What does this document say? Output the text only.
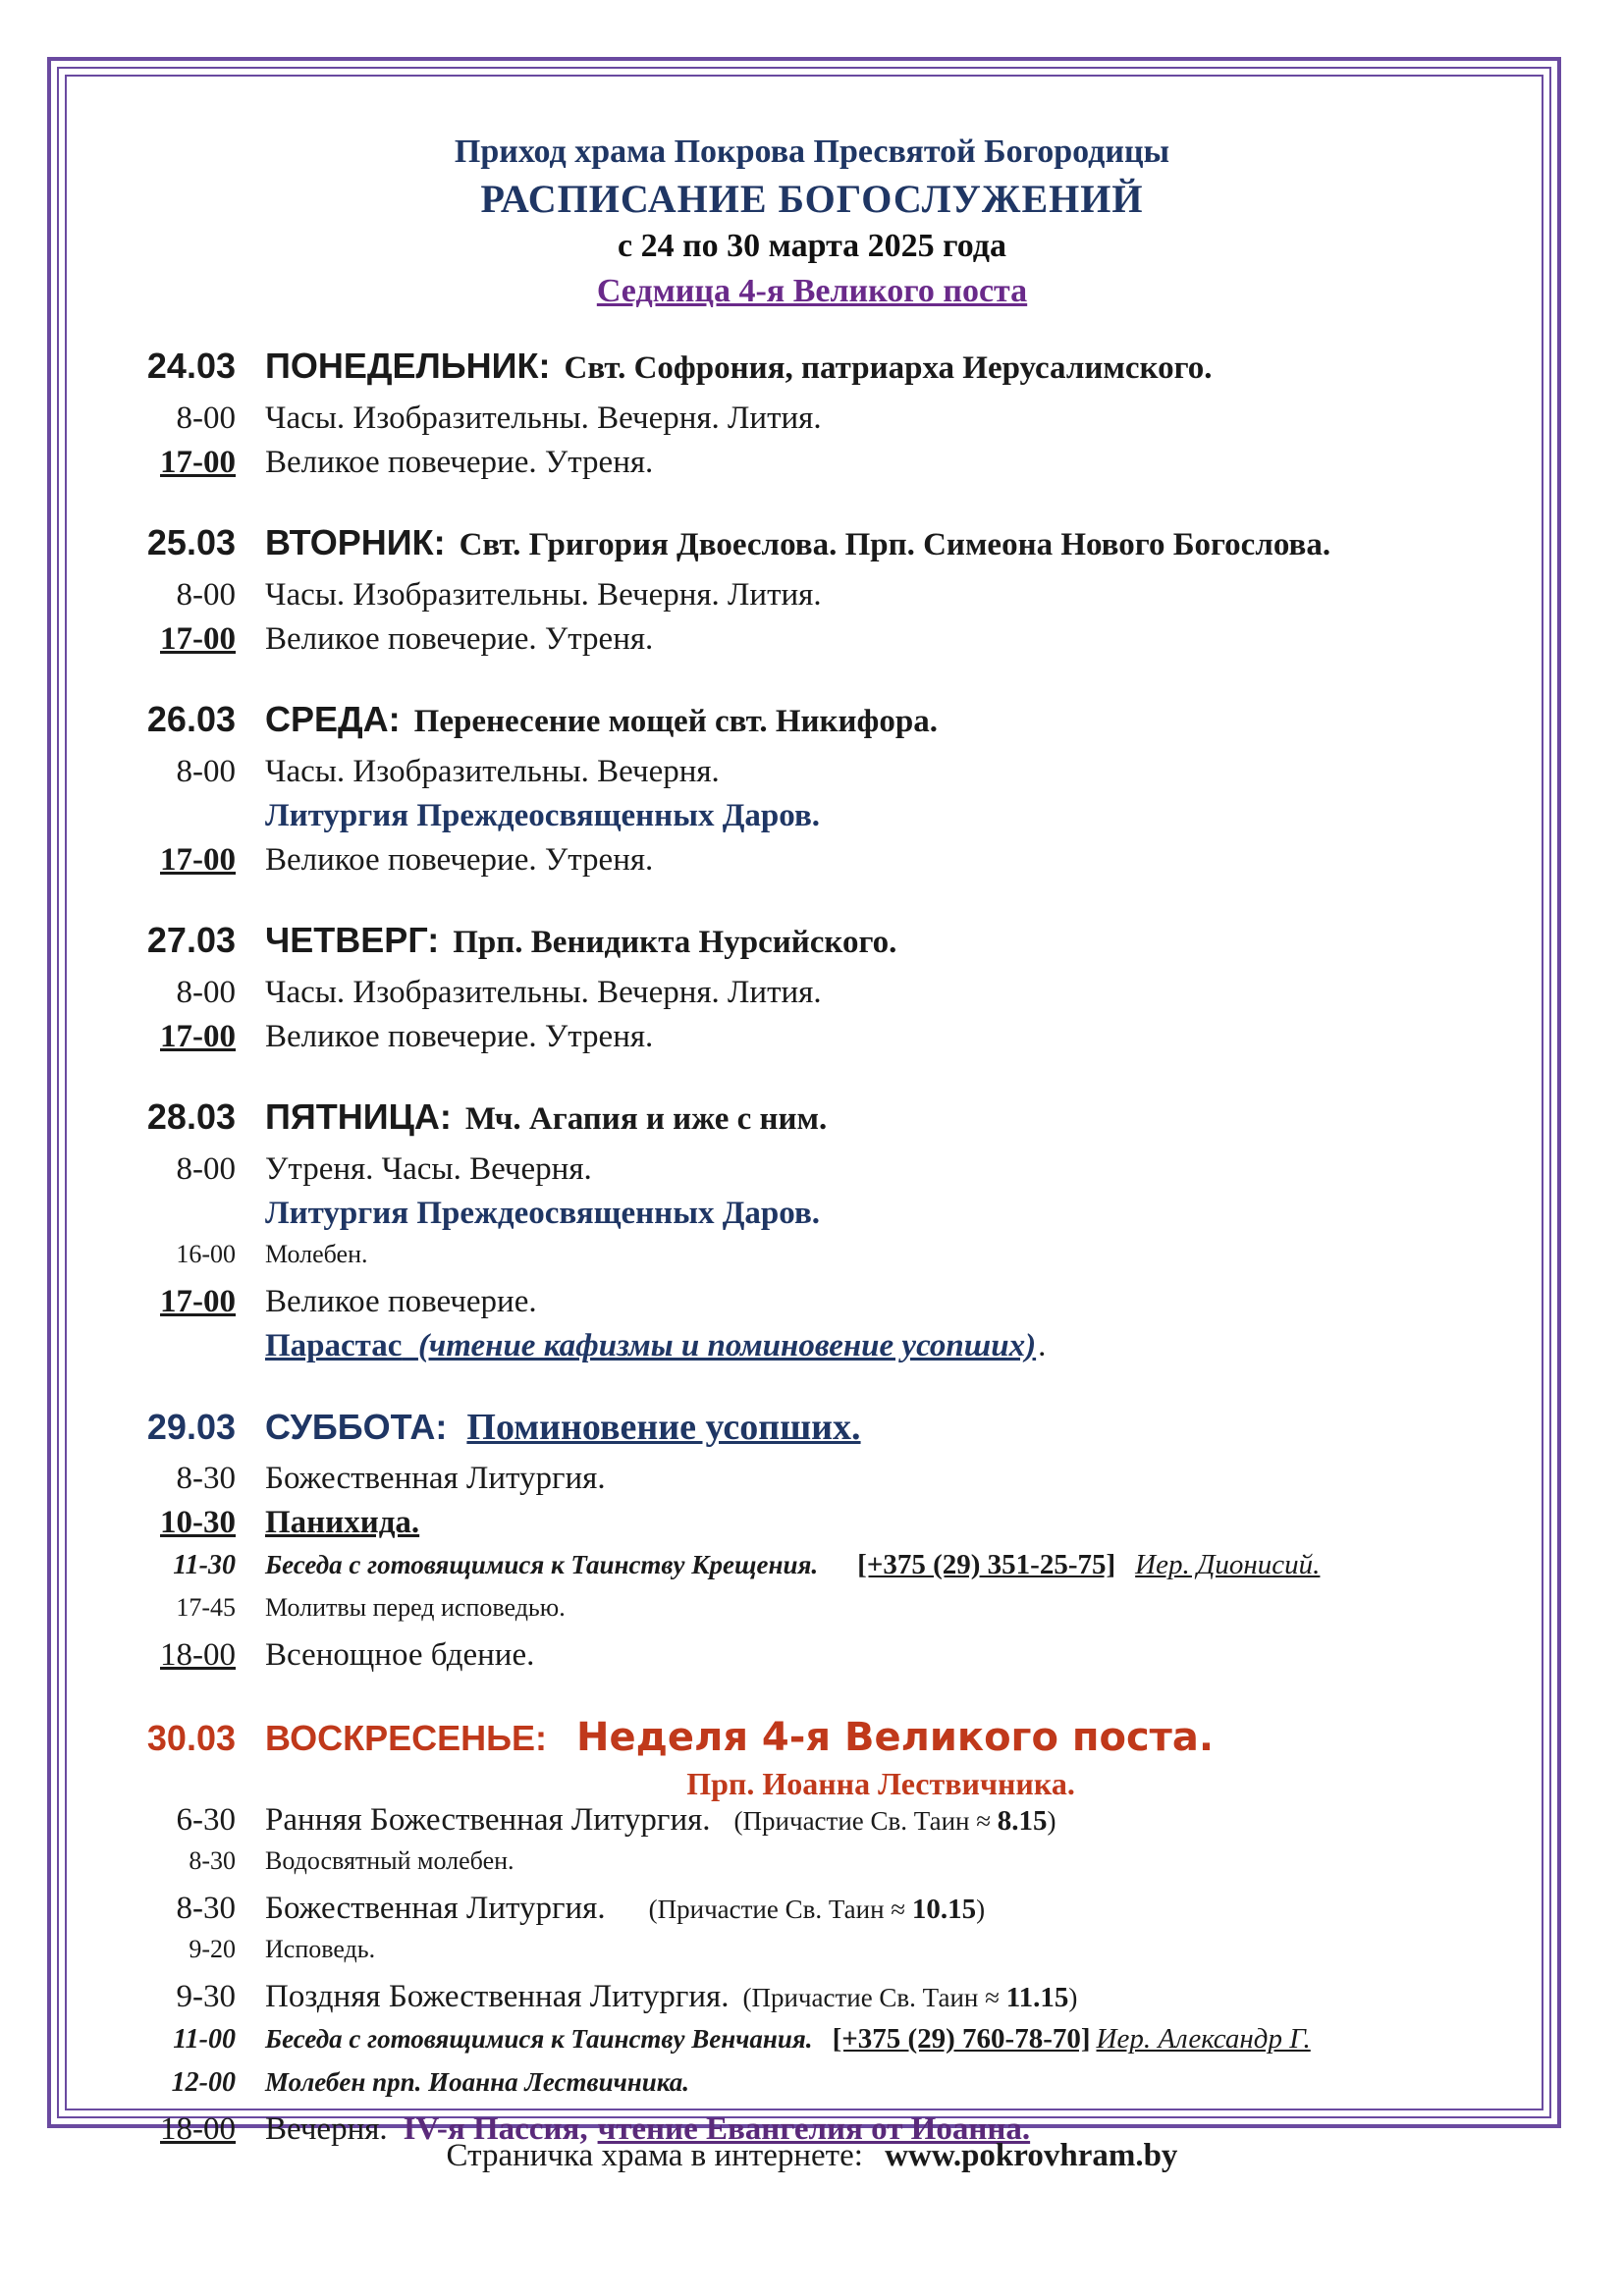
Приход храма Покрова Пресвятой Богородицы
РАСПИСАНИЕ БОГОСЛУЖЕНИЙ
с 24 по 30 марта 2025 года
Седмица 4-я Великого поста
24.03 ПОНЕДЕЛЬНИК: Свт. Софрония, патриарха Иерусалимского.
8-00 Часы. Изобразительны. Вечерня. Лития.
17-00 Великое повечерие. Утреня.
25.03 ВТОРНИК: Свт. Григория Двоеслова. Прп. Симеона Нового Богослова.
8-00 Часы. Изобразительны. Вечерня. Лития.
17-00 Великое повечерие. Утреня.
26.03 СРЕДА: Перенесение мощей свт. Никифора.
8-00 Часы. Изобразительны. Вечерня.
Литургия Преждеосвященных Даров.
17-00 Великое повечерие. Утреня.
27.03 ЧЕТВЕРГ: Прп. Венидикта Нурсийского.
8-00 Часы. Изобразительны. Вечерня. Лития.
17-00 Великое повечерие. Утреня.
28.03 ПЯТНИЦА: Мч. Агапия и иже с ним.
8-00 Утреня. Часы. Вечерня.
Литургия Преждеосвященных Даров.
16-00 Молебен.
17-00 Великое повечерие.
Парастас (чтение кафизмы и поминовение усопших) .
29.03 СУББОТА: Поминовение усопших.
8-30 Божественная Литургия.
10-30 Панихида.
11-30 Беседа с готовящимися к Таинству Крещения. [+375 (29) 351-25-75] Иер. Дионисий.
17-45 Молитвы перед исповедью.
18-00 Всенощное бдение.
30.03 ВОСКРЕСЕНЬЕ: Неделя 4-я Великого поста.
Прп. Иоанна Лествичника.
6-30 Ранняя Божественная Литургия. (Причастие Св. Таин ≈ 8.15)
8-30 Водосвятный молебен.
8-30 Божественная Литургия. (Причастие Св. Таин ≈ 10.15)
9-20 Исповедь.
9-30 Поздняя Божественная Литургия. (Причастие Св. Таин ≈ 11.15)
11-00 Беседа с готовящимися к Таинству Венчания. [+375 (29) 760-78-70] Иер. Александр Г.
12-00 Молебен прп. Иоанна Лествичника.
18-00 Вечерня. IV-я Пассия, чтение Евангелия от Иоанна.
Страничка храма в интернете: www.pokrovhram.by
